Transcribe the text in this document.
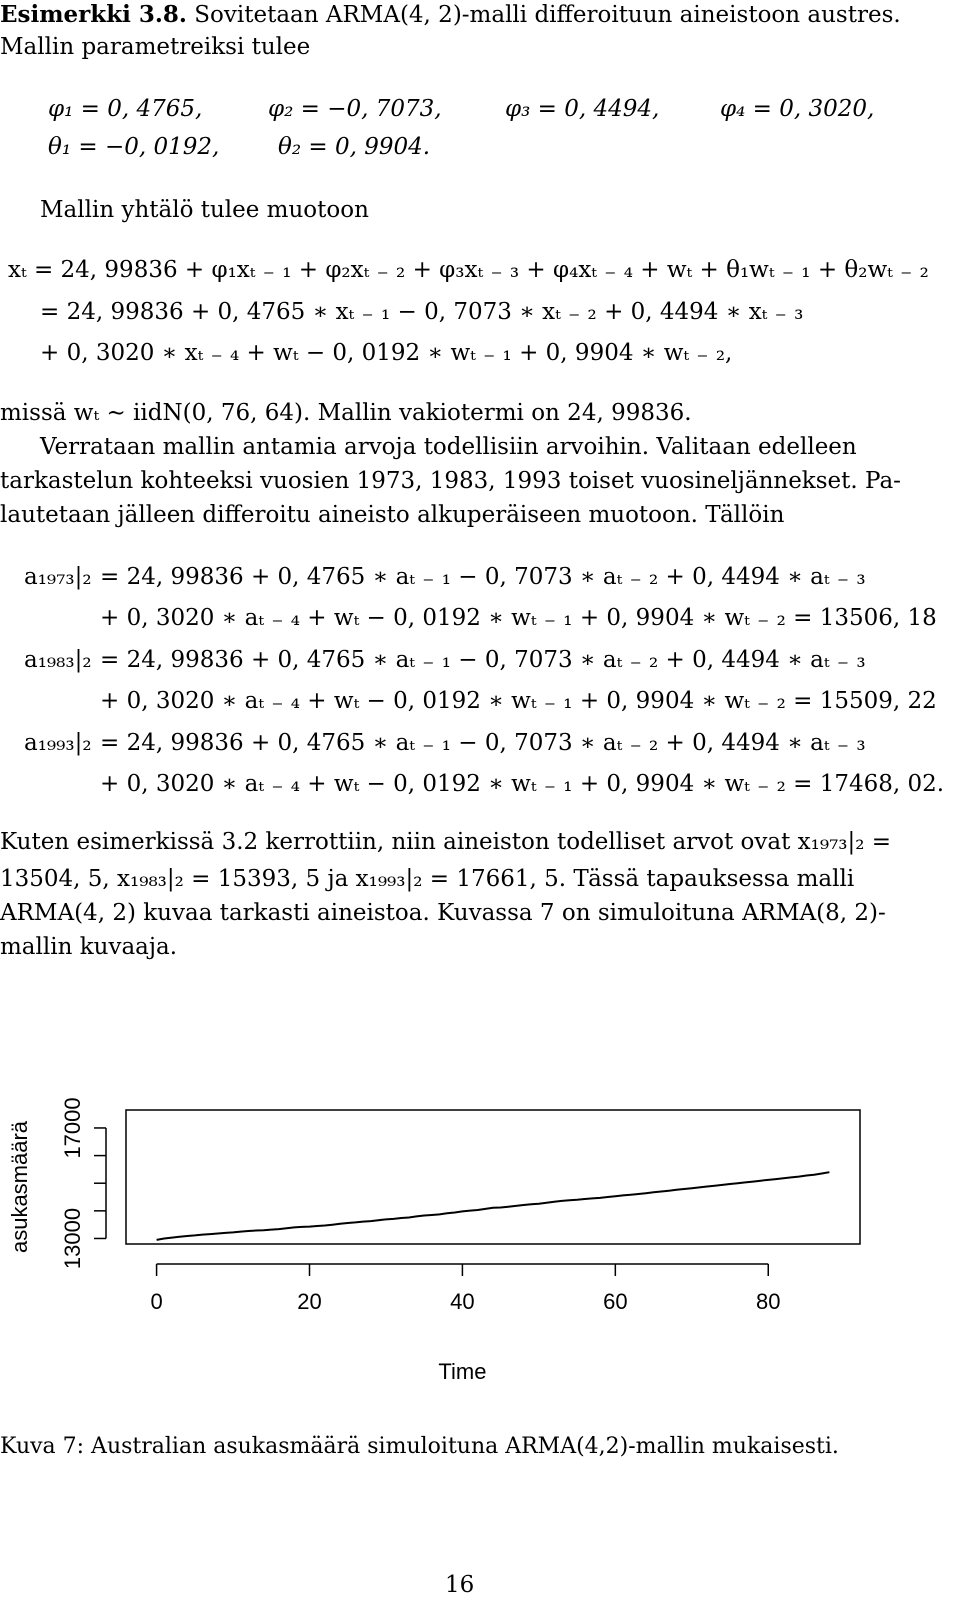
Esimerkki 3.8. Sovitetaan ARMA(4, 2)-malli differoituun aineistoon austres.
Mallin parametreiksi tulee
φ₁ = 0, 4765,	φ₂ = −0, 7073,	φ₃ = 0, 4494,	φ₄ = 0, 3020,
θ₁ = −0, 0192,	θ₂ = 0, 9904.
Mallin yhtälö tulee muotoon
xₜ = 24, 99836 + φ₁xₜ ₋ ₁ + φ₂xₜ ₋ ₂ + φ₃xₜ ₋ ₃ + φ₄xₜ ₋ ₄ + wₜ + θ₁wₜ ₋ ₁ + θ₂wₜ ₋ ₂
= 24, 99836 + 0, 4765 ∗ xₜ ₋ ₁ − 0, 7073 ∗ xₜ ₋ ₂ + 0, 4494 ∗ xₜ ₋ ₃
+ 0, 3020 ∗ xₜ ₋ ₄ + wₜ − 0, 0192 ∗ wₜ ₋ ₁ + 0, 9904 ∗ wₜ ₋ ₂,
missä wₜ ∼ iidN(0, 76, 64). Mallin vakiotermi on 24, 99836.
Verrataan mallin antamia arvoja todellisiin arvoihin. Valitaan edelleen
tarkastelun kohteeksi vuosien 1973, 1983, 1993 toiset vuosineljännekset. Pa-
lautetaan jälleen differoitu aineisto alkuperäiseen muotoon. Tällöin
a₁₉₇₃|₂ = 24, 99836 + 0, 4765 ∗ aₜ ₋ ₁ − 0, 7073 ∗ aₜ ₋ ₂ + 0, 4494 ∗ aₜ ₋ ₃
+ 0, 3020 ∗ aₜ ₋ ₄ + wₜ − 0, 0192 ∗ wₜ ₋ ₁ + 0, 9904 ∗ wₜ ₋ ₂ = 13506, 18
a₁₉₈₃|₂ = 24, 99836 + 0, 4765 ∗ aₜ ₋ ₁ − 0, 7073 ∗ aₜ ₋ ₂ + 0, 4494 ∗ aₜ ₋ ₃
+ 0, 3020 ∗ aₜ ₋ ₄ + wₜ − 0, 0192 ∗ wₜ ₋ ₁ + 0, 9904 ∗ wₜ ₋ ₂ = 15509, 22
a₁₉₉₃|₂ = 24, 99836 + 0, 4765 ∗ aₜ ₋ ₁ − 0, 7073 ∗ aₜ ₋ ₂ + 0, 4494 ∗ aₜ ₋ ₃
+ 0, 3020 ∗ aₜ ₋ ₄ + wₜ − 0, 0192 ∗ wₜ ₋ ₁ + 0, 9904 ∗ wₜ ₋ ₂ = 17468, 02.
Kuten esimerkissä 3.2 kerrottiin, niin aineiston todelliset arvot ovat x₁₉₇₃|₂ =
13504, 5, x₁₉₈₃|₂ = 15393, 5 ja x₁₉₉₃|₂ = 17661, 5. Tässä tapauksessa malli
ARMA(4, 2) kuvaa tarkasti aineistoa. Kuvassa 7 on simuloituna ARMA(8, 2)-
mallin kuvaaja.
13000
17000
0	20	40	60	80
Time
asukasmäärä
Kuva 7: Australian asukasmäärä simuloituna ARMA(4,2)-mallin mukaisesti.
16
